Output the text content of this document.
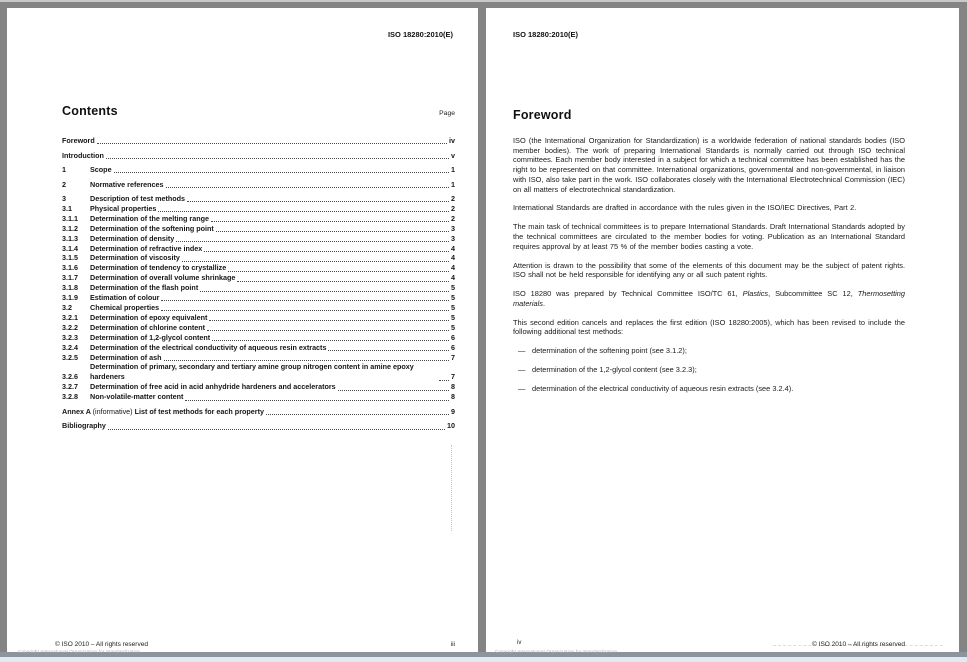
ISO 18280:2010(E)
Contents	Page
Foreword	iv
Introduction	v
1	Scope	1
2	Normative references	1
3	Description of test methods	2
3.1	Physical properties	2
3.1.1	Determination of the melting range	2
3.1.2	Determination of the softening point	3
3.1.3	Determination of density	3
3.1.4	Determination of refractive index	4
3.1.5	Determination of viscosity	4
3.1.6	Determination of tendency to crystallize	4
3.1.7	Determination of overall volume shrinkage	4
3.1.8	Determination of the flash point	5
3.1.9	Estimation of colour	5
3.2	Chemical properties	5
3.2.1	Determination of epoxy equivalent	5
3.2.2	Determination of chlorine content	5
3.2.3	Determination of 1,2-glycol content	6
3.2.4	Determination of the electrical conductivity of aqueous resin extracts	6
3.2.5	Determination of ash	7
3.2.6
Determination of primary, secondary and tertiary amine group nitrogen content in amine epoxy hardeners	7
3.2.7	Determination of free acid in acid anhydride hardeners and accelerators	8
3.2.8	Non-volatile-matter content	8
Annex A (informative) List of test methods for each property	9
Bibliography	10
© ISO 2010 – All rights reserved	iii
Copyright International Organization for Standardization
ISO 18280:2010(E)
Foreword

ISO (the International Organization for Standardization) is a worldwide federation of national standards bodies (ISO member bodies). The work of preparing International Standards is normally carried out through ISO technical committees. Each member body interested in a subject for which a technical committee has been established has the right to be represented on that committee. International organizations, governmental and non-governmental, in liaison with ISO, also take part in the work. ISO collaborates closely with the International Electrotechnical Commission (IEC) on all matters of electrotechnical standardization.

International Standards are drafted in accordance with the rules given in the ISO/IEC Directives, Part 2.

The main task of technical committees is to prepare International Standards. Draft International Standards adopted by the technical committees are circulated to the member bodies for voting. Publication as an International Standard requires approval by at least 75 % of the member bodies casting a vote.

Attention is drawn to the possibility that some of the elements of this document may be the subject of patent rights. ISO shall not be held responsible for identifying any or all such patent rights.

ISO 18280 was prepared by Technical Committee ISO/TC 61, Plastics, Subcommittee SC 12, Thermosetting materials.

This second edition cancels and replaces the first edition (ISO 18280:2005), which has been revised to include the following additional test methods:

— determination of the softening point (see 3.1.2);
— determination of the 1,2-glycol content (see 3.2.3);
— determination of the electrical conductivity of aqueous resin extracts (see 3.2.4).
iv	© ISO 2010 – All rights reserved
Copyright International Organization for Standardization
